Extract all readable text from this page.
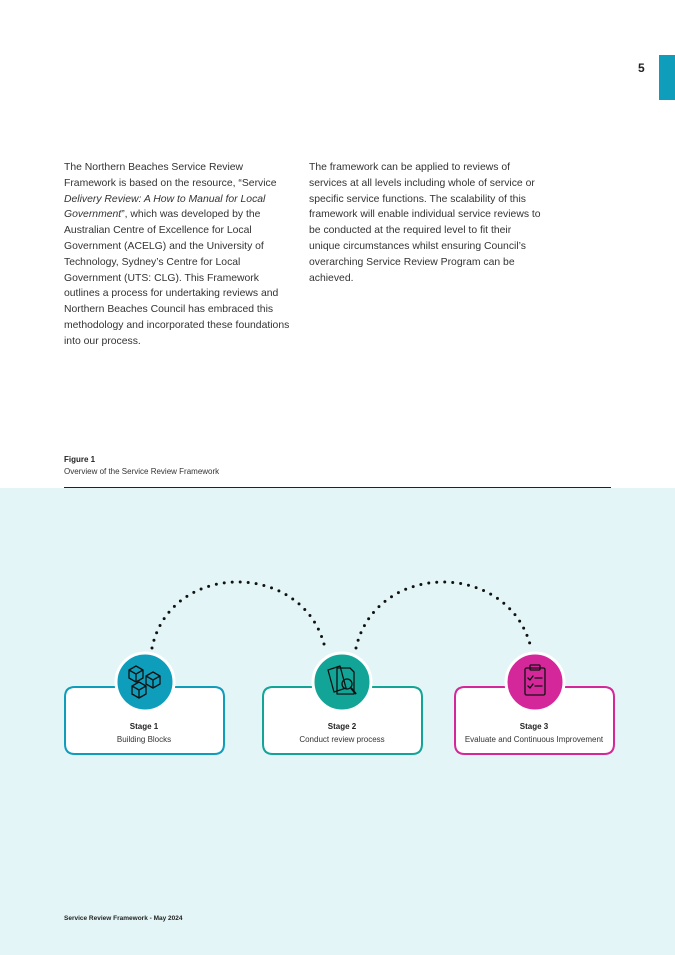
5

The Northern Beaches Service Review Framework is based on the resource, “Service Delivery Review: A How to Manual for Local Government”, which was developed by the Australian Centre of Excellence for Local Government (ACELG) and the University of Technology, Sydney’s Centre for Local Government (UTS: CLG). This Framework outlines a process for undertaking reviews and Northern Beaches Council has embraced this methodology and incorporated these foundations into our process.

The framework can be applied to reviews of services at all levels including whole of service or specific service functions. The scalability of this framework will enable individual service reviews to be conducted at the required level to fit their unique circumstances whilst ensuring Council’s overarching Service Review Program can be achieved.

Figure 1
Overview of the Service Review Framework
Stage 1
Building Blocks
Stage 2
Conduct review process
Stage 3
Evaluate and Continuous Improvement
Service Review Framework - May 2024
